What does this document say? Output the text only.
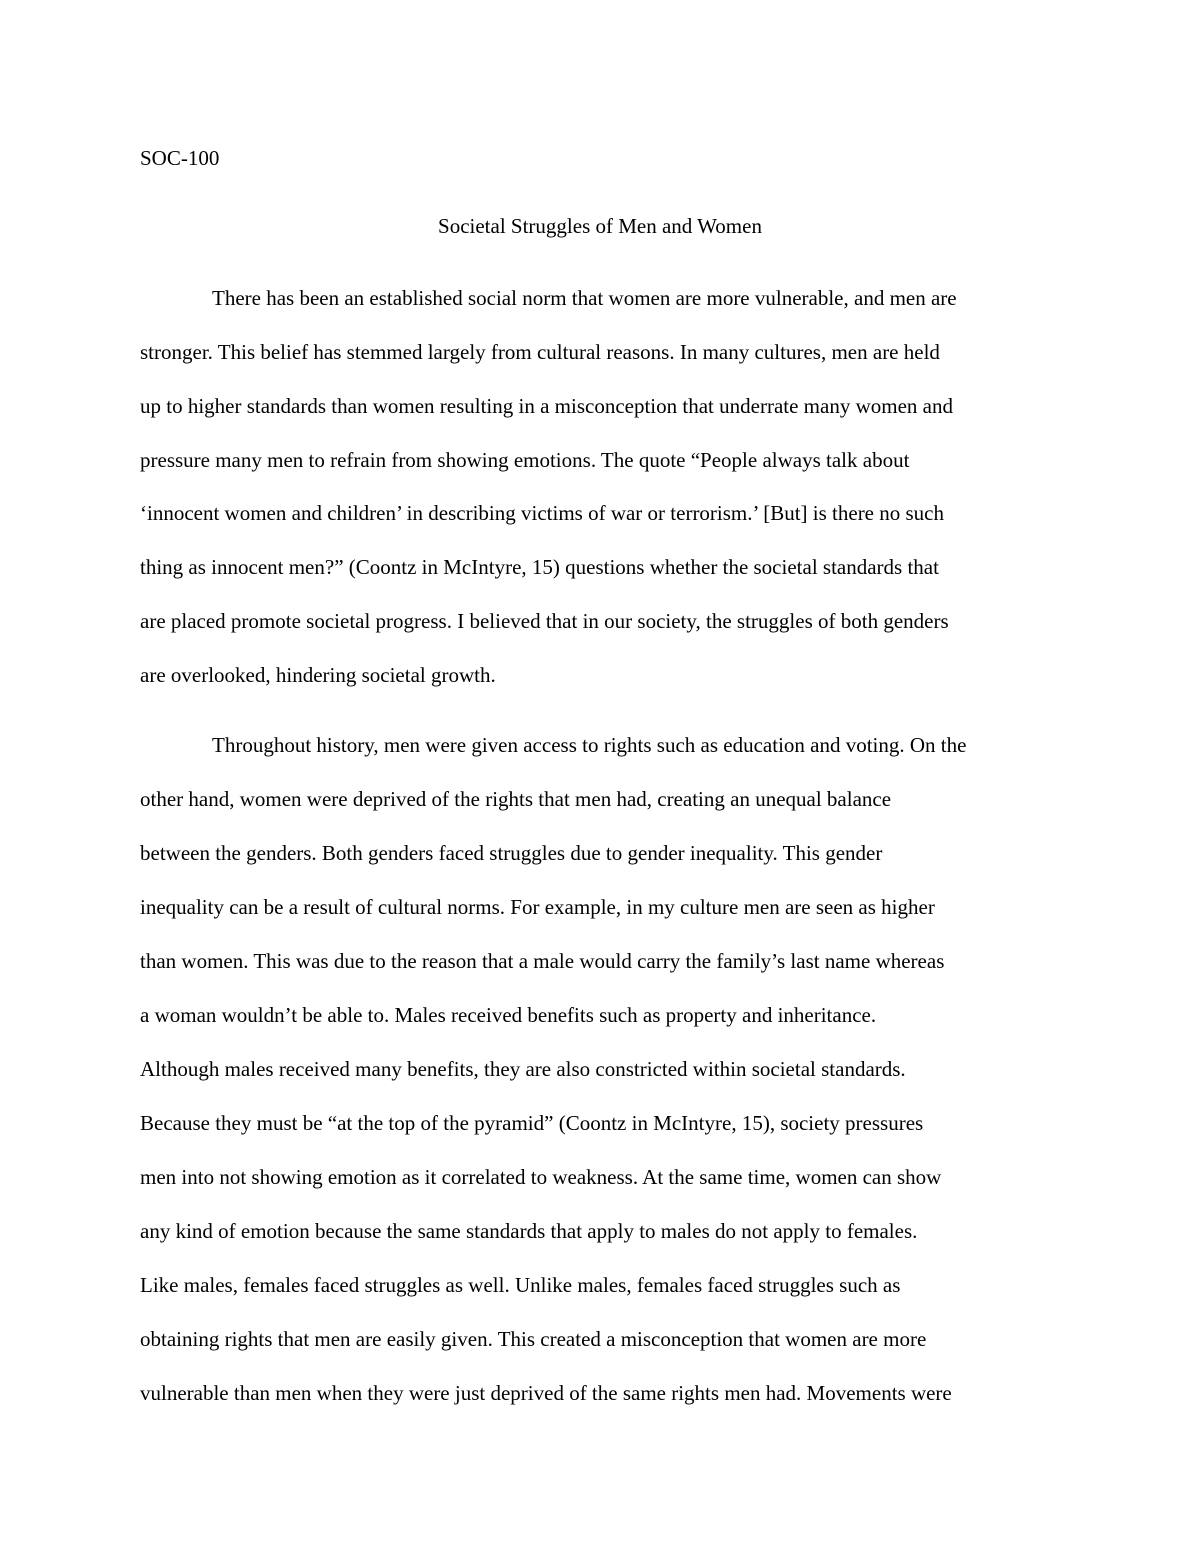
SOC-100
Societal Struggles of Men and Women
There has been an established social norm that women are more vulnerable, and men are
stronger. This belief has stemmed largely from cultural reasons. In many cultures, men are held
up to higher standards than women resulting in a misconception that underrate many women and
pressure many men to refrain from showing emotions. The quote “People always talk about
‘innocent women and children’ in describing victims of war or terrorism.’ [But] is there no such
thing as innocent men?” (Coontz in McIntyre, 15) questions whether the societal standards that
are placed promote societal progress. I believed that in our society, the struggles of both genders
are overlooked, hindering societal growth.
Throughout history, men were given access to rights such as education and voting. On the
other hand, women were deprived of the rights that men had, creating an unequal balance
between the genders. Both genders faced struggles due to gender inequality. This gender
inequality can be a result of cultural norms. For example, in my culture men are seen as higher
than women. This was due to the reason that a male would carry the family’s last name whereas
a woman wouldn’t be able to. Males received benefits such as property and inheritance.
Although males received many benefits, they are also constricted within societal standards.
Because they must be “at the top of the pyramid” (Coontz in McIntyre, 15), society pressures
men into not showing emotion as it correlated to weakness. At the same time, women can show
any kind of emotion because the same standards that apply to males do not apply to females.
Like males, females faced struggles as well. Unlike males, females faced struggles such as
obtaining rights that men are easily given. This created a misconception that women are more
vulnerable than men when they were just deprived of the same rights men had. Movements were
